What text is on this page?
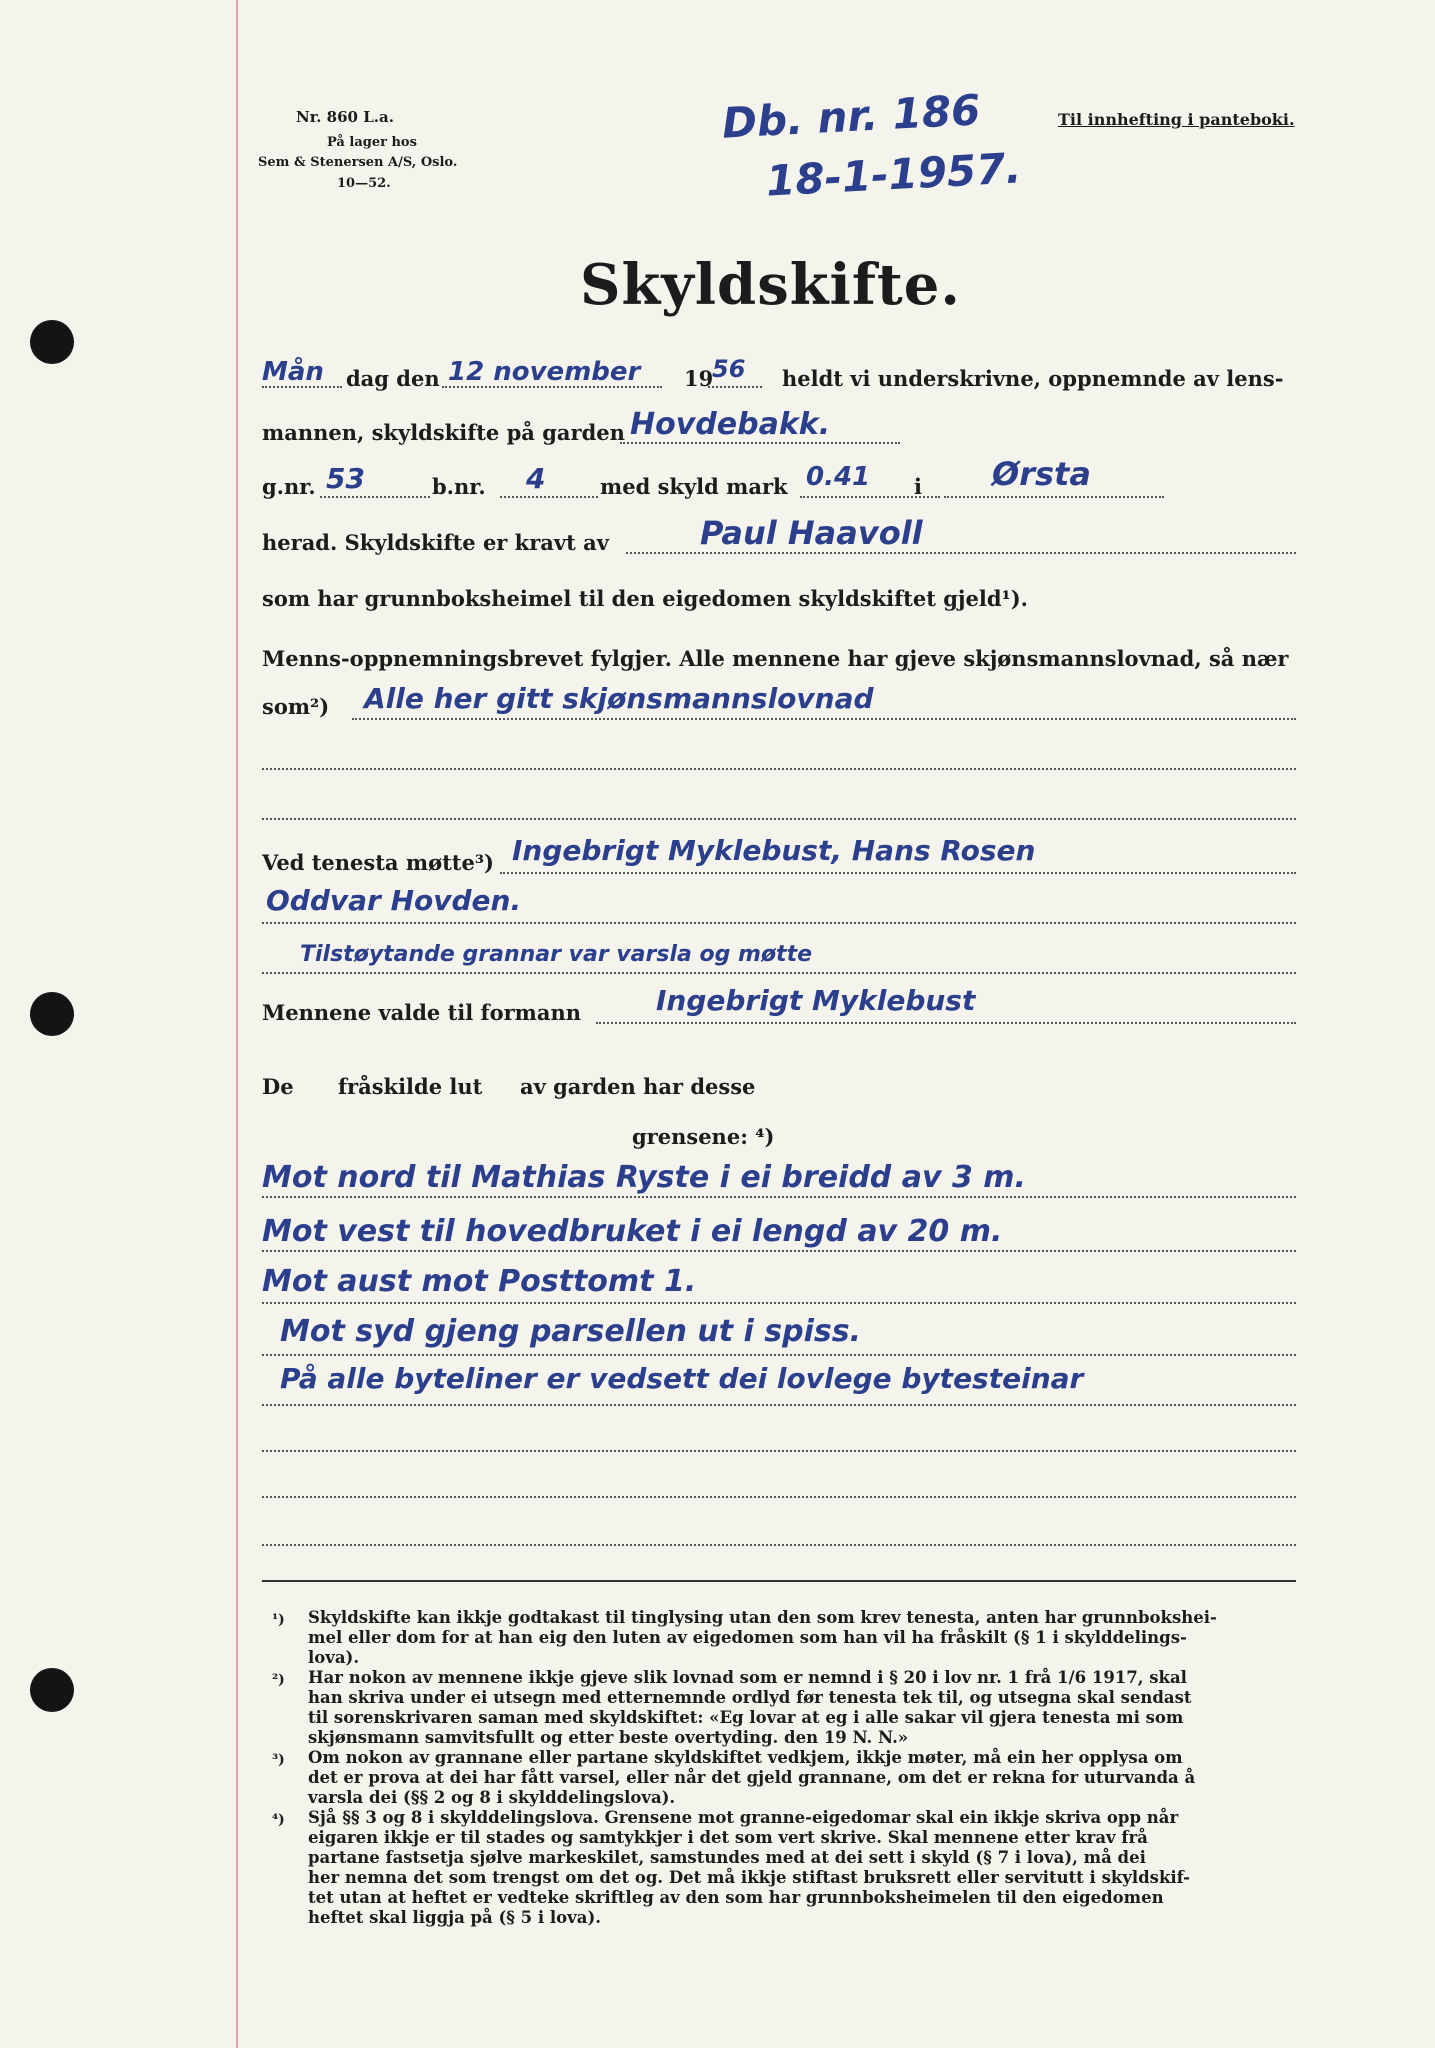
Nr. 860 L.a.
På lager hos
Sem & Stenersen A/S, Oslo.
10—52.
Db. nr. 186
18-1-1957.
Til innhefting i panteboki.
Skyldskifte.
Mån dag den 12 november 19
56 heldt vi underskrivne, oppnemnde av lens-
mannen, skyldskifte på garden Hovdebakk.
g.nr. 53	b.nr. 4	med skyld mark 0.41 i Ørsta
herad. Skyldskifte er kravt av	Paul Haavoll
som har grunnboksheimel til den eigedomen skyldskiftet gjeld¹).
Menns-oppnemningsbrevet fylgjer. Alle mennene har gjeve skjønsmannslovnad, så nær
som²) Alle her gitt skjønsmannslovnad
Ved tenesta møtte³) Ingebrigt Myklebust, Hans Rosen
Oddvar Hovden.
Tilstøytande grannar var varsla og møtte
Mennene valde til formann	Ingebrigt Myklebust
De fråskilde lut av garden har desse
grensene: ⁴)
Mot nord til Mathias Ryste i ei breidd av 3 m.
Mot vest til hovedbruket i ei lengd av 20 m.
Mot aust mot Posttomt 1.
Mot syd gjeng parsellen ut i spiss.
På alle byteliner er vedsett dei lovlege bytesteinar
¹) Skyldskifte kan ikkje godtakast til tinglysing utan den som krev tenesta, anten har grunnbokshei-
mel eller dom for at han eig den luten av eigedomen som han vil ha fråskilt (§ 1 i skylddelings-
lova).
²) Har nokon av mennene ikkje gjeve slik lovnad som er nemnd i § 20 i lov nr. 1 frå 1/6 1917, skal
han skriva under ei utsegn med etternemnde ordlyd før tenesta tek til, og utsegna skal sendast
til sorenskrivaren saman med skyldskiftet: «Eg lovar at eg i alle sakar vil gjera tenesta mi som
skjønsmann samvitsfullt og etter beste overtyding. den 19 N. N.»
³) Om nokon av grannane eller partane skyldskiftet vedkjem, ikkje møter, må ein her opplysa om
det er prova at dei har fått varsel, eller når det gjeld grannane, om det er rekna for uturvanda å
varsla dei (§§ 2 og 8 i skylddelingslova).
⁴) Sjå §§ 3 og 8 i skylddelingslova. Grensene mot granne-eigedomar skal ein ikkje skriva opp når
eigaren ikkje er til stades og samtykkjer i det som vert skrive. Skal mennene etter krav frå
partane fastsetja sjølve markeskilet, samstundes med at dei sett i skyld (§ 7 i lova), må dei
her nemna det som trengst om det og. Det må ikkje stiftast bruksrett eller servitutt i skyldskif-
tet utan at heftet er vedteke skriftleg av den som har grunnboksheimelen til den eigedomen
heftet skal liggja på (§ 5 i lova).
